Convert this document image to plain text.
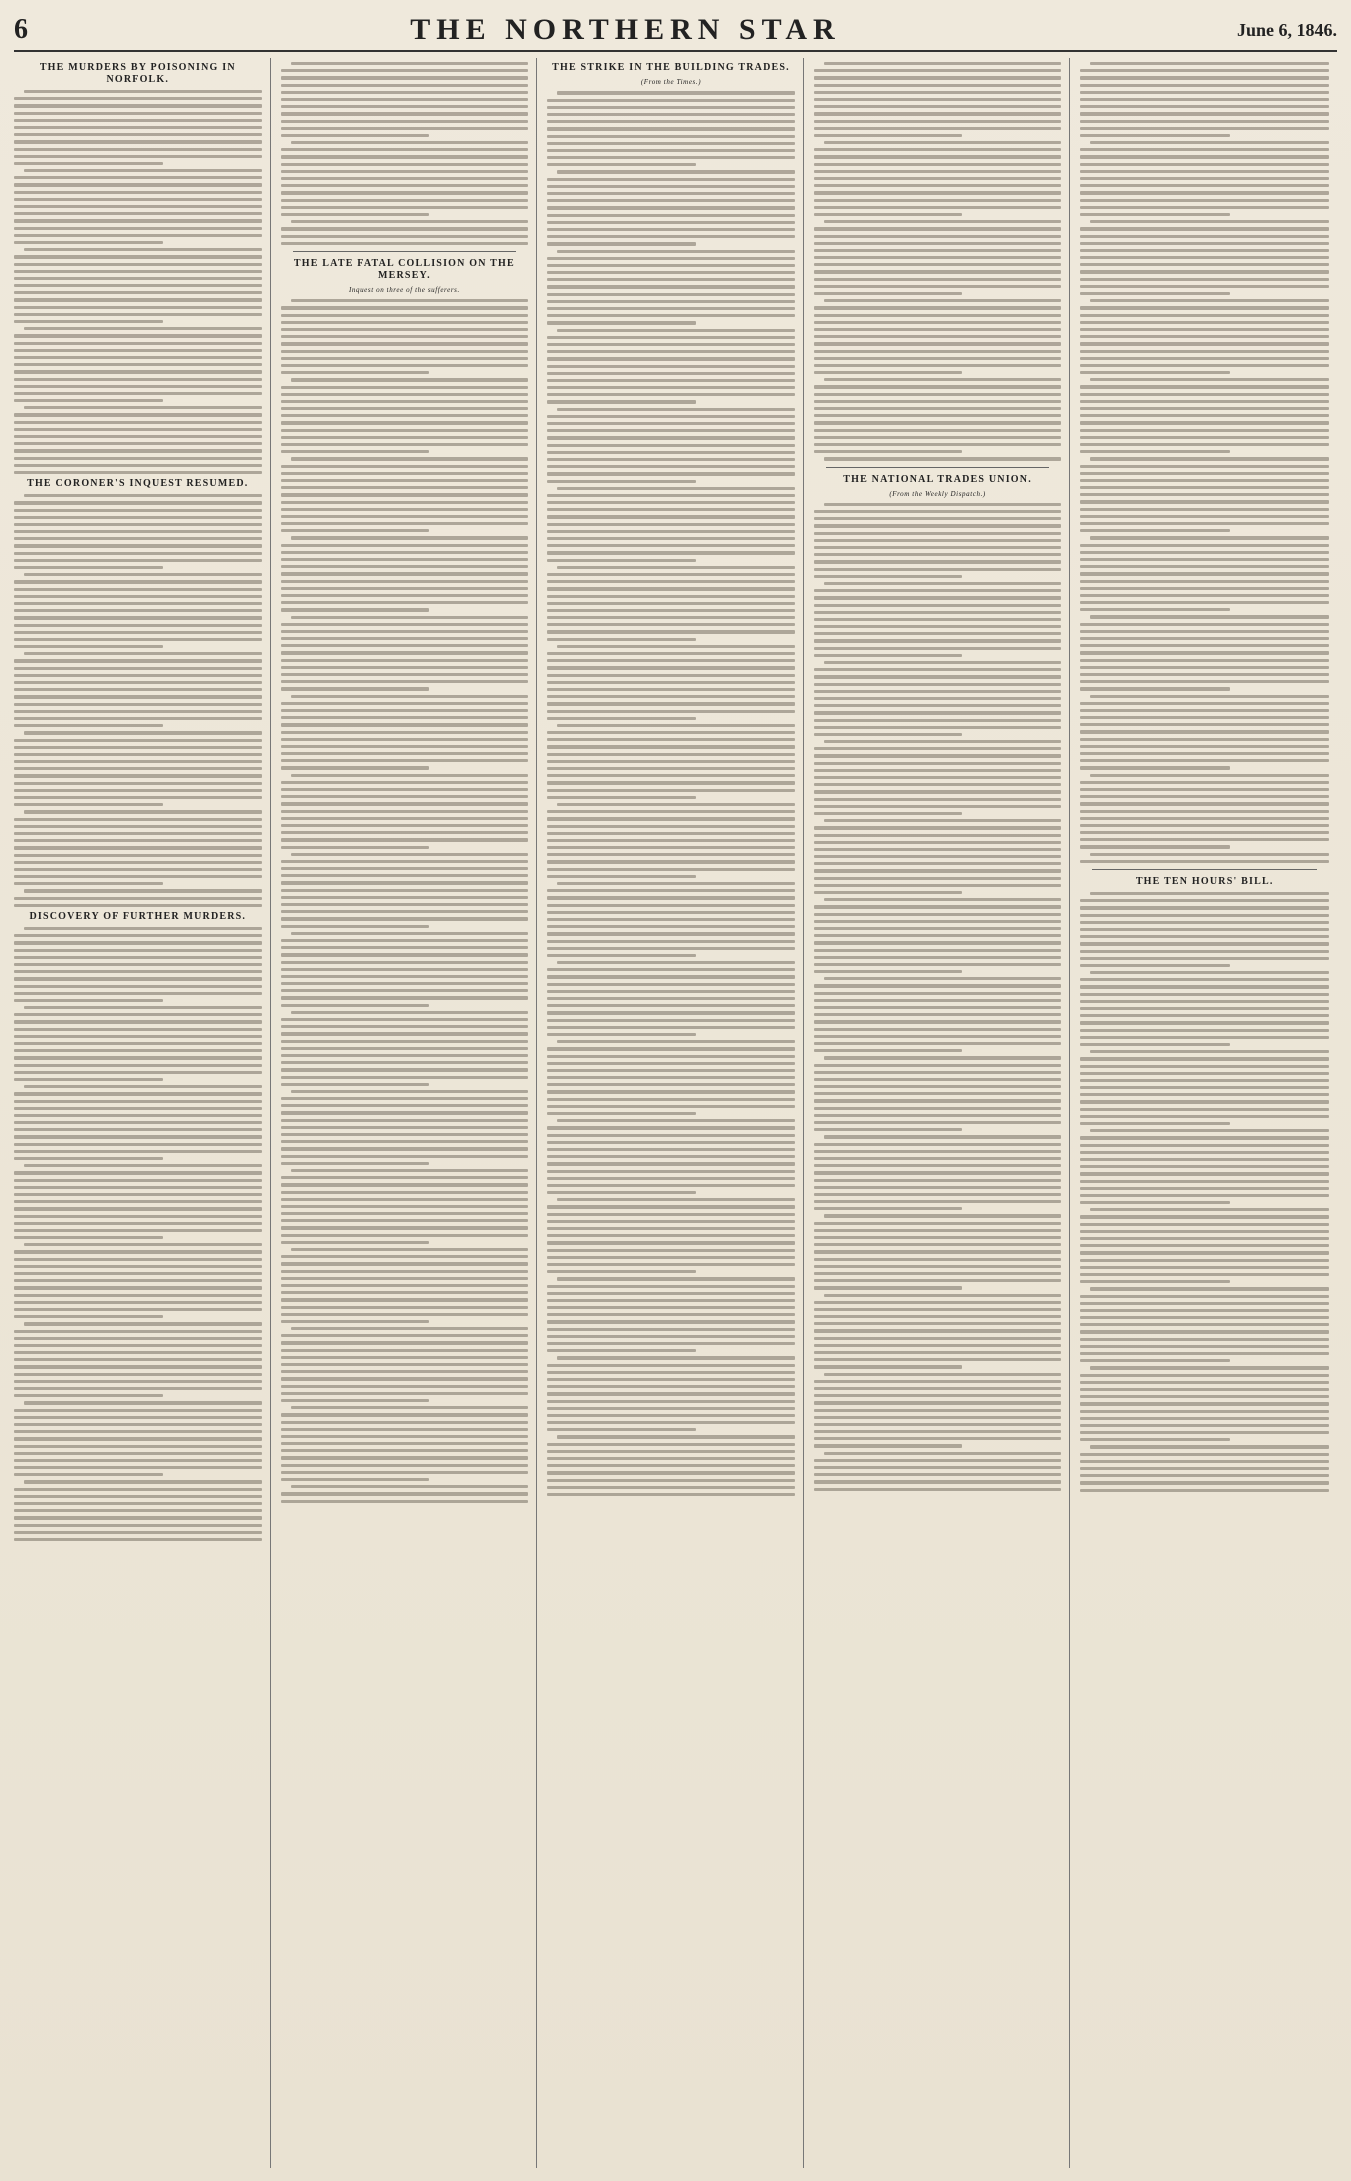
6	THE NORTHERN STAR	June 6, 1846.
THE MURDERS BY POISONING IN NORFOLK.
THE CORONER'S INQUEST RESUMED.
DISCOVERY OF FURTHER MURDERS.
THE LATE FATAL COLLISION ON THE MERSEY.
Inquest on three of the sufferers.
THE STRIKE IN THE BUILDING TRADES.
(From the Times.)
THE NATIONAL TRADES UNION.
(From the Weekly Dispatch.)
THE TEN HOURS' BILL.
